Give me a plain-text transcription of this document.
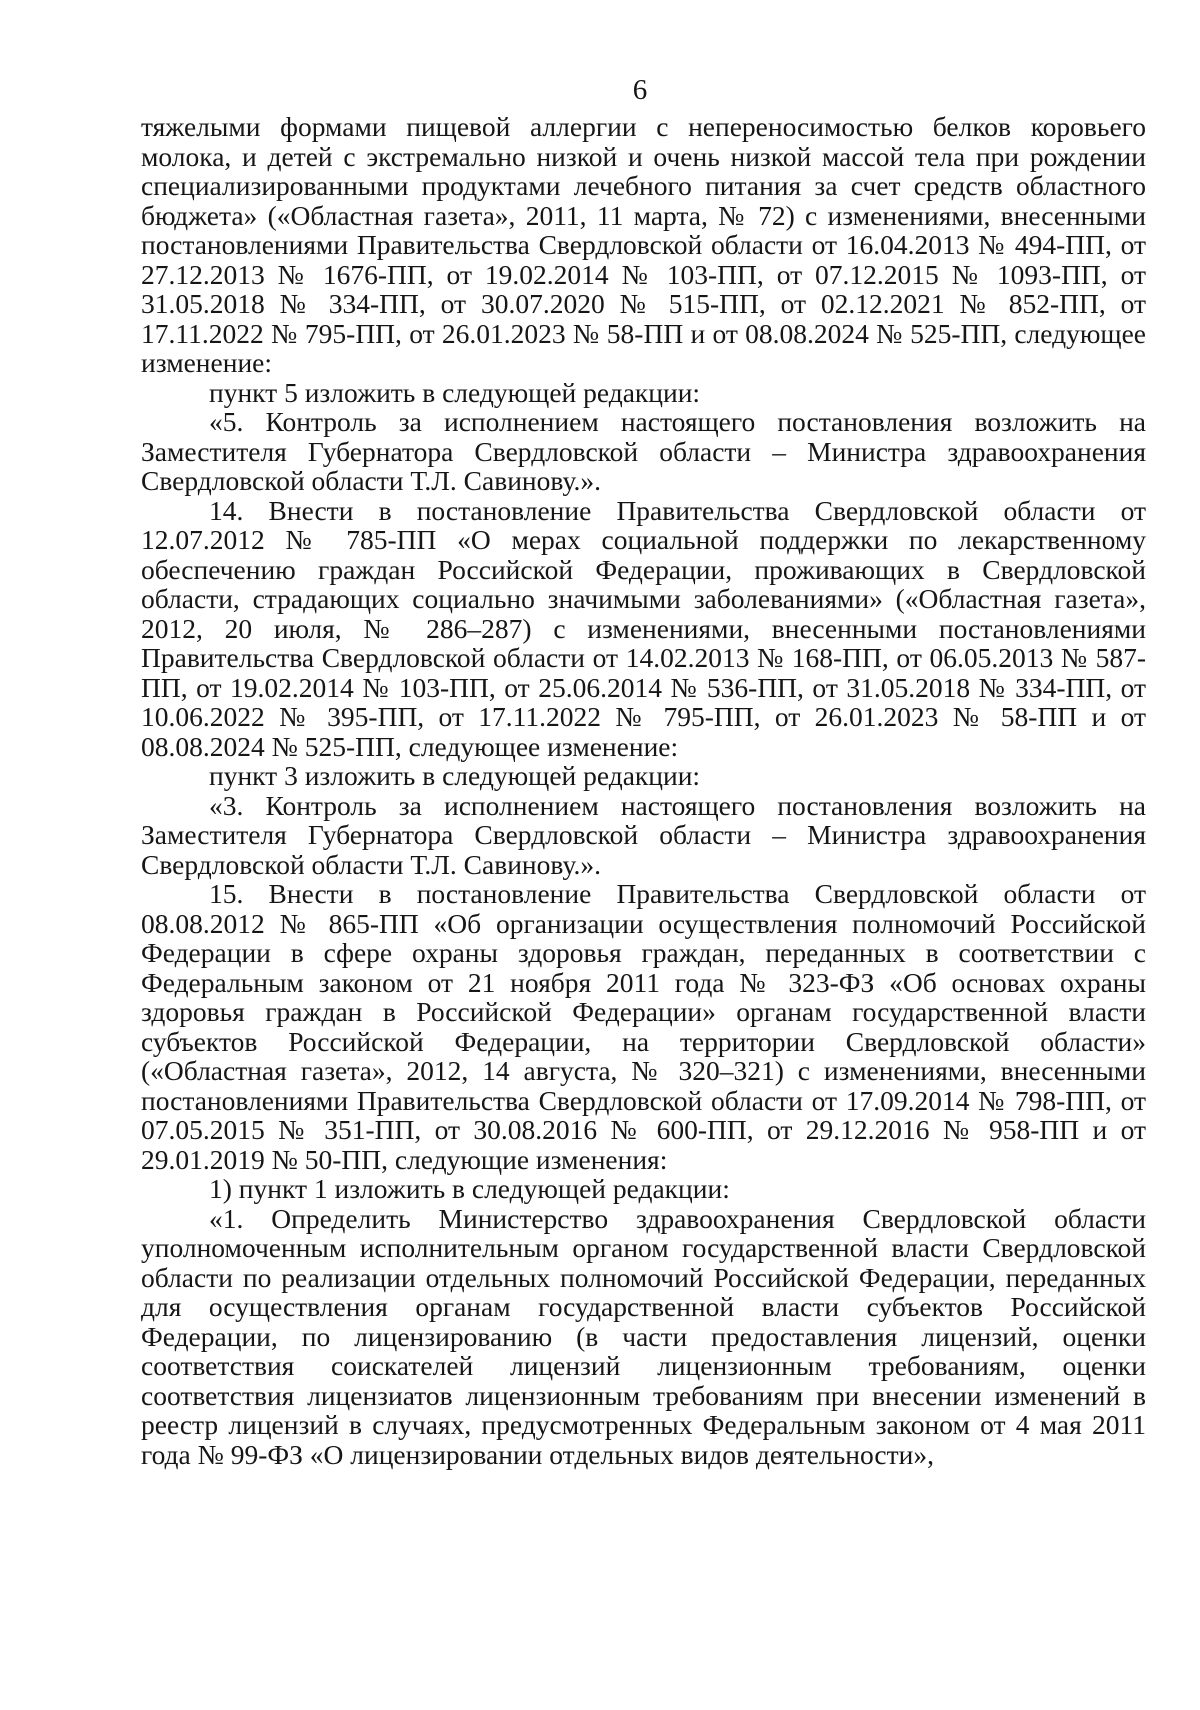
6

тяжелыми формами пищевой аллергии с непереносимостью белков коровьего молока, и детей с экстремально низкой и очень низкой массой тела при рождении специализированными продуктами лечебного питания за счет средств областного бюджета» («Областная газета», 2011, 11 марта, № 72) с изменениями, внесенными постановлениями Правительства Свердловской области от 16.04.2013 № 494-ПП, от 27.12.2013 № 1676-ПП, от 19.02.2014 № 103-ПП, от 07.12.2015 № 1093-ПП, от 31.05.2018 № 334-ПП, от 30.07.2020 № 515-ПП, от 02.12.2021 № 852-ПП, от 17.11.2022 № 795-ПП, от 26.01.2023 № 58-ПП и от 08.08.2024 № 525-ПП, следующее изменение:

пункт 5 изложить в следующей редакции:

«5. Контроль за исполнением настоящего постановления возложить на Заместителя Губернатора Свердловской области – Министра здравоохранения Свердловской области Т.Л. Савинову.».

14. Внести в постановление Правительства Свердловской области от 12.07.2012 № 785-ПП «О мерах социальной поддержки по лекарственному обеспечению граждан Российской Федерации, проживающих в Свердловской области, страдающих социально значимыми заболеваниями» («Областная газета», 2012, 20 июля, № 286–287) с изменениями, внесенными постановлениями Правительства Свердловской области от 14.02.2013 № 168-ПП, от 06.05.2013 № 587-ПП, от 19.02.2014 № 103-ПП, от 25.06.2014 № 536-ПП, от 31.05.2018 № 334-ПП, от 10.06.2022 № 395-ПП, от 17.11.2022 № 795-ПП, от 26.01.2023 № 58-ПП и от 08.08.2024 № 525-ПП, следующее изменение:

пункт 3 изложить в следующей редакции:

«3. Контроль за исполнением настоящего постановления возложить на Заместителя Губернатора Свердловской области – Министра здравоохранения Свердловской области Т.Л. Савинову.».

15. Внести в постановление Правительства Свердловской области от 08.08.2012 № 865-ПП «Об организации осуществления полномочий Российской Федерации в сфере охраны здоровья граждан, переданных в соответствии с Федеральным законом от 21 ноября 2011 года № 323-ФЗ «Об основах охраны здоровья граждан в Российской Федерации» органам государственной власти субъектов Российской Федерации, на территории Свердловской области» («Областная газета», 2012, 14 августа, № 320–321) с изменениями, внесенными постановлениями Правительства Свердловской области от 17.09.2014 № 798-ПП, от 07.05.2015 № 351-ПП, от 30.08.2016 № 600-ПП, от 29.12.2016 № 958-ПП и от 29.01.2019 № 50-ПП, следующие изменения:

1) пункт 1 изложить в следующей редакции:

«1. Определить Министерство здравоохранения Свердловской области уполномоченным исполнительным органом государственной власти Свердловской области по реализации отдельных полномочий Российской Федерации, переданных для осуществления органам государственной власти субъектов Российской Федерации, по лицензированию (в части предоставления лицензий, оценки соответствия соискателей лицензий лицензионным требованиям, оценки соответствия лицензиатов лицензионным требованиям при внесении изменений в реестр лицензий в случаях, предусмотренных Федеральным законом от 4 мая 2011 года № 99-ФЗ «О лицензировании отдельных видов деятельности»,
